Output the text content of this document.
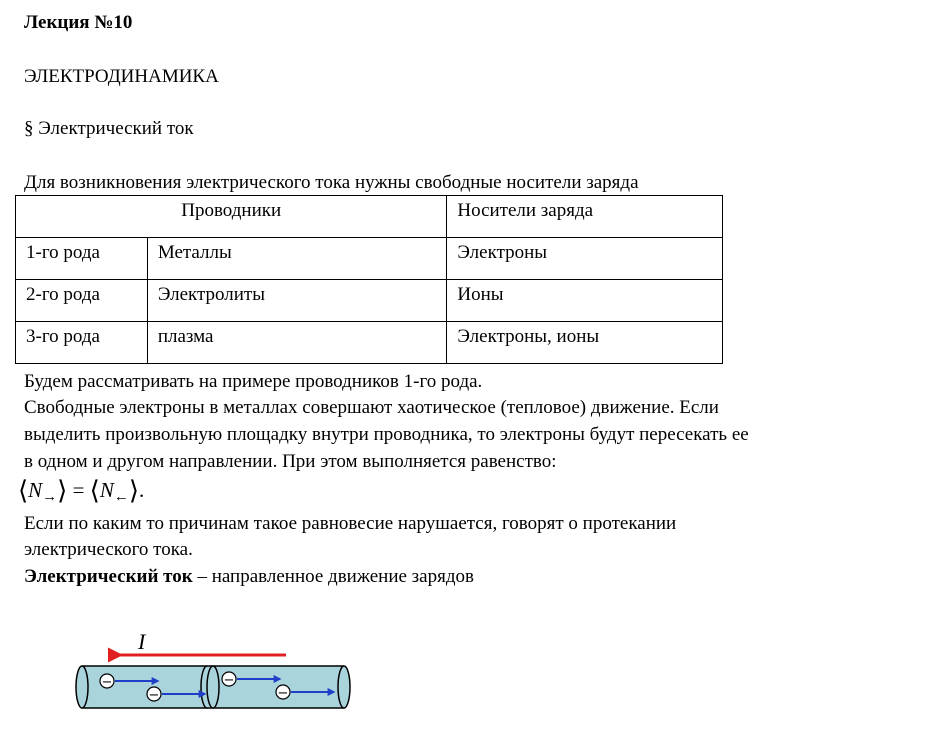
Лекция №10
ЭЛЕКТРОДИНАМИКА
§ Электрический ток
Для возникновения электрического тока нужны свободные носители заряда
Проводники		Носители заряда
1-го рода	Металлы	Электроны
2-го рода	Электролиты	Ионы
3-го рода	плазма	Электроны, ионы
Будем рассматривать на примере проводников 1-го рода.
Свободные электроны в металлах совершают хаотическое (тепловое) движение. Если
выделить произвольную площадку внутри проводника, то электроны будут пересекать ее
в одном и другом направлении. При этом выполняется равенство:
$⟨N_\to⟩$ = $⟨N_\leftarrow⟩$.
Если по каким то причинам такое равновесие нарушается, говорят о протекании
электрического тока.
Электрический ток – направленное движение зарядов
I
−
−
−
−
